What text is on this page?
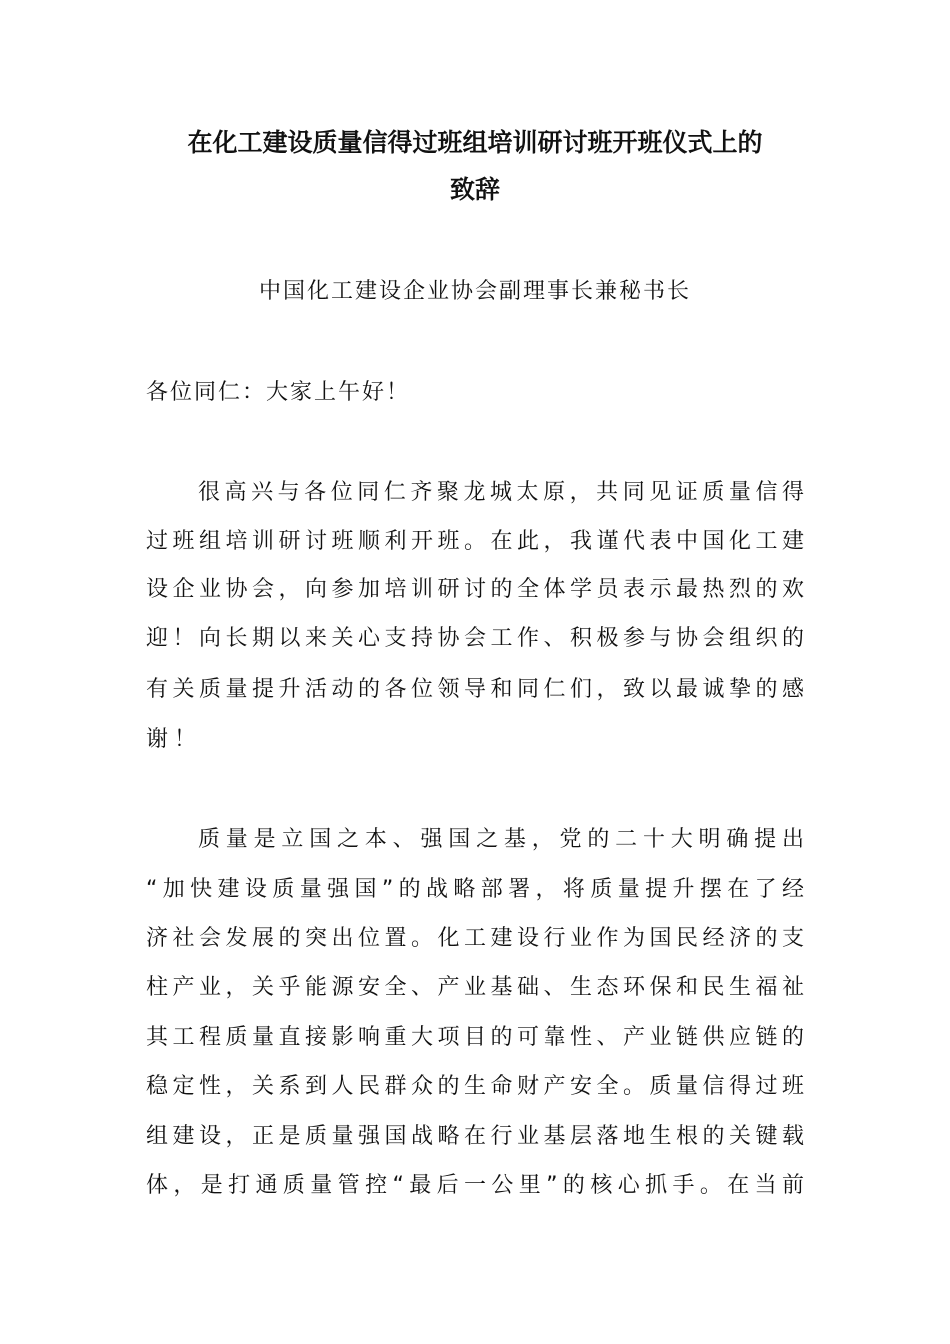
在化工建设质量信得过班组培训研讨班开班仪式上的
致辞
中国化工建设企业协会副理事长兼秘书长
各位同仁：大家上午好！
很高兴与各位同仁齐聚龙城太原，共同见证质量信得
过班组培训研讨班顺利开班。在此，我谨代表中国化工建
设企业协会，向参加培训研讨的全体学员表示最热烈的欢
迎！向长期以来关心支持协会工作、积极参与协会组织的
有关质量提升活动的各位领导和同仁们，致以最诚挚的感
谢！
质量是立国之本、强国之基，党的二十大明确提出
“加快建设质量强国”的战略部署，将质量提升摆在了经
济社会发展的突出位置。化工建设行业作为国民经济的支
柱产业，关乎能源安全、产业基础、生态环保和民生福祉
其工程质量直接影响重大项目的可靠性、产业链供应链的
稳定性，关系到人民群众的生命财产安全。质量信得过班
组建设，正是质量强国战略在行业基层落地生根的关键载
体，是打通质量管控“最后一公里”的核心抓手。在当前
